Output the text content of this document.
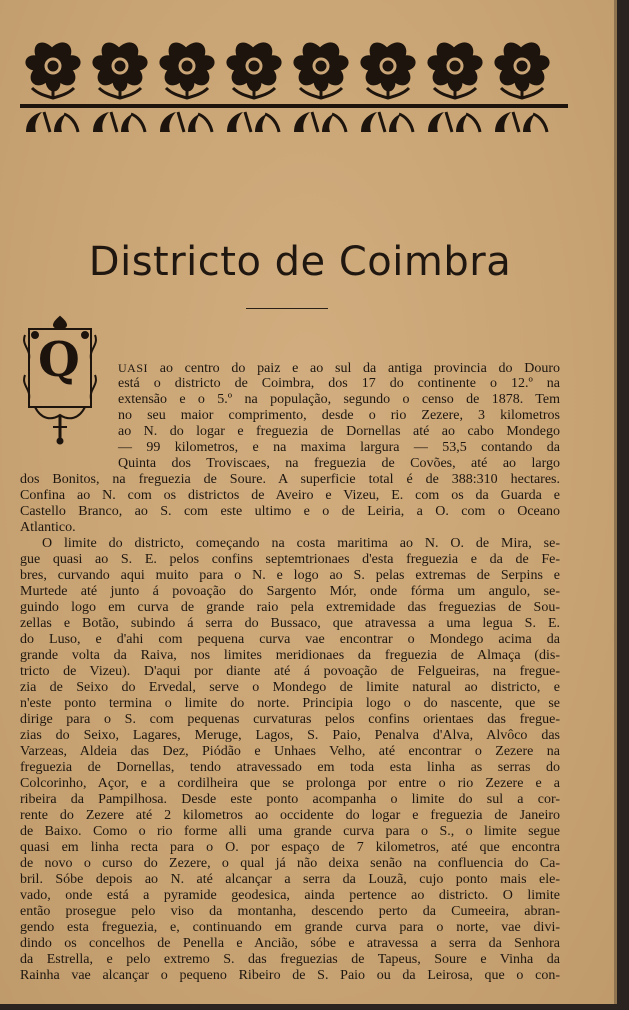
Districto de Coimbra
Q	UASI ao centro do paiz e ao sul da antiga provincia do Douro
está o districto de Coimbra, dos 17 do continente o 12.º na
extensão e o 5.º na população, segundo o censo de 1878. Tem
no seu maior comprimento, desde o rio Zezere, 3 kilometros
ao N. do logar e freguezia de Dornellas até ao cabo Mondego
— 99 kilometros, e na maxima largura — 53,5 contando da
Quinta dos Troviscaes, na freguezia de Covões, até ao largo
dos Bonitos, na freguezia de Soure. A superficie total é de 388:310 hectares.
Confina ao N. com os districtos de Aveiro e Vizeu, E. com os da Guarda e
Castello Branco, ao S. com este ultimo e o de Leiria, a O. com o Oceano
Atlantico.
O limite do districto, começando na costa maritima ao N. O. de Mira, se-
gue quasi ao S. E. pelos confins septemtrionaes d'esta freguezia e da de Fe-
bres, curvando aqui muito para o N. e logo ao S. pelas extremas de Serpins e
Murtede até junto á povoação do Sargento Mór, onde fórma um angulo, se-
guindo logo em curva de grande raio pela extremidade das freguezias de Sou-
zellas e Botão, subindo á serra do Bussaco, que atravessa a uma legua S. E.
do Luso, e d'ahi com pequena curva vae encontrar o Mondego acima da
grande volta da Raiva, nos limites meridionaes da freguezia de Almaça (dis-
tricto de Vizeu). D'aqui por diante até á povoação de Felgueiras, na fregue-
zia de Seixo do Ervedal, serve o Mondego de limite natural ao districto, e
n'este ponto termina o limite do norte. Principia logo o do nascente, que se
dirige para o S. com pequenas curvaturas pelos confins orientaes das fregue-
zias do Seixo, Lagares, Meruge, Lagos, S. Paio, Penalva d'Alva, Alvôco das
Varzeas, Aldeia das Dez, Piódão e Unhaes Velho, até encontrar o Zezere na
freguezia de Dornellas, tendo atravessado em toda esta linha as serras do
Colcorinho, Açor, e a cordilheira que se prolonga por entre o rio Zezere e a
ribeira da Pampilhosa. Desde este ponto acompanha o limite do sul a cor-
rente do Zezere até 2 kilometros ao occidente do logar e freguezia de Janeiro
de Baixo. Como o rio forme alli uma grande curva para o S., o limite segue
quasi em linha recta para o O. por espaço de 7 kilometros, até que encontra
de novo o curso do Zezere, o qual já não deixa senão na confluencia do Ca-
bril. Sóbe depois ao N. até alcançar a serra da Louzã, cujo ponto mais ele-
vado, onde está a pyramide geodesica, ainda pertence ao districto. O limite
então prosegue pelo viso da montanha, descendo perto da Cumeeira, abran-
gendo esta freguezia, e, continuando em grande curva para o norte, vae divi-
dindo os concelhos de Penella e Ancião, sóbe e atravessa a serra da Senhora
da Estrella, e pelo extremo S. das freguezias de Tapeus, Soure e Vinha da
Rainha vae alcançar o pequeno Ribeiro de S. Paio ou da Leirosa, que o con-
